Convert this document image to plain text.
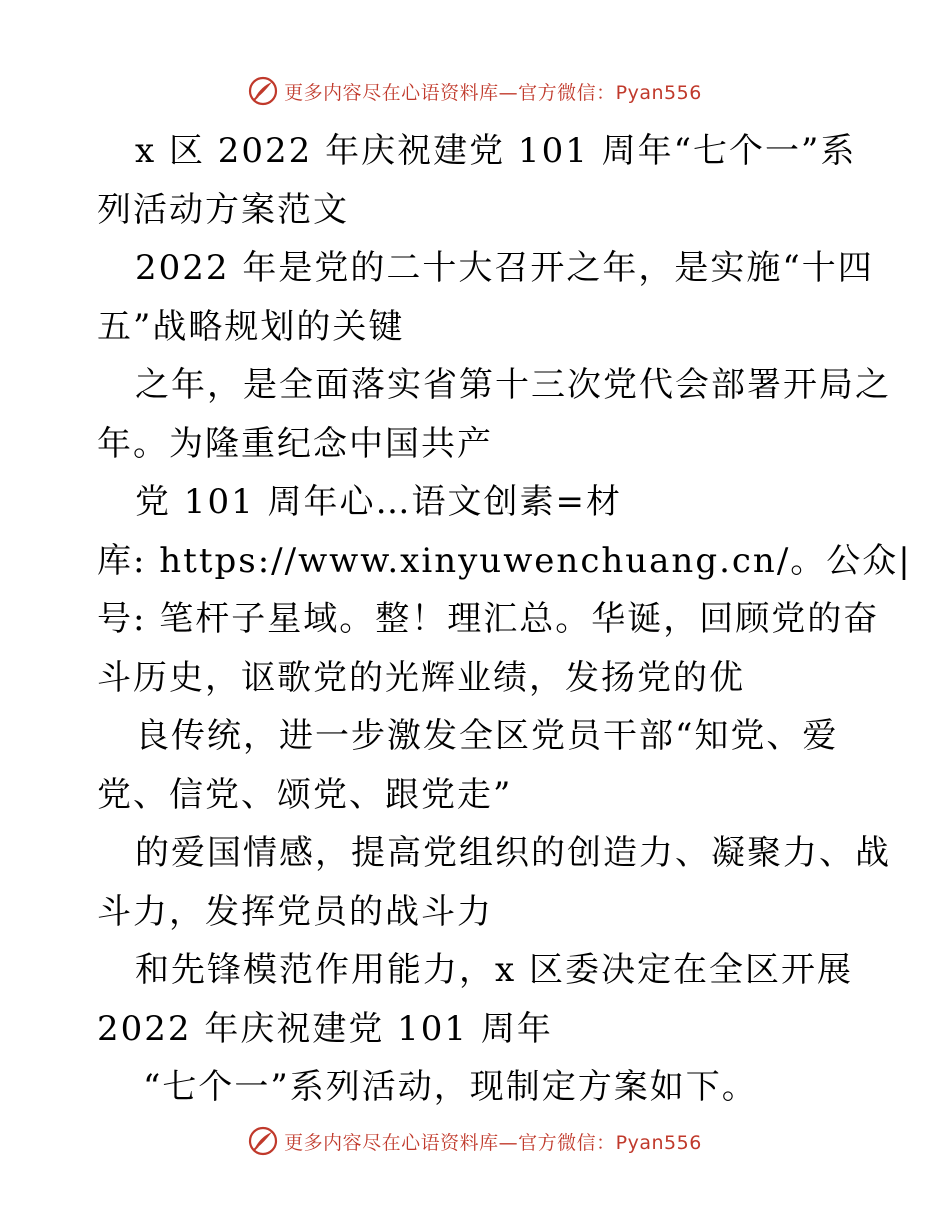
更多内容尽在心语资料库—官方微信：Pyan556
x 区 2022 年庆祝建党 101 周年“七个一”系
列活动方案范文
2022 年是党的二十大召开之年，是实施“十四
五”战略规划的关键
之年，是全面落实省第十三次党代会部署开局之
年。为隆重纪念中国共产
党 101 周年心…语文创素=材
库: https://www.xinyuwenchuang.cn/。公众|
号: 笔杆子星域。整！理汇总。华诞，回顾党的奋
斗历史，讴歌党的光辉业绩，发扬党的优
良传统，进一步激发全区党员干部“知党、爱
党、信党、颂党、跟党走”
的爱国情感，提高党组织的创造力、凝聚力、战
斗力，发挥党员的战斗力
和先锋模范作用能力，x 区委决定在全区开展
2022 年庆祝建党 101 周年
“七个一”系列活动，现制定方案如下。
更多内容尽在心语资料库—官方微信：Pyan556
